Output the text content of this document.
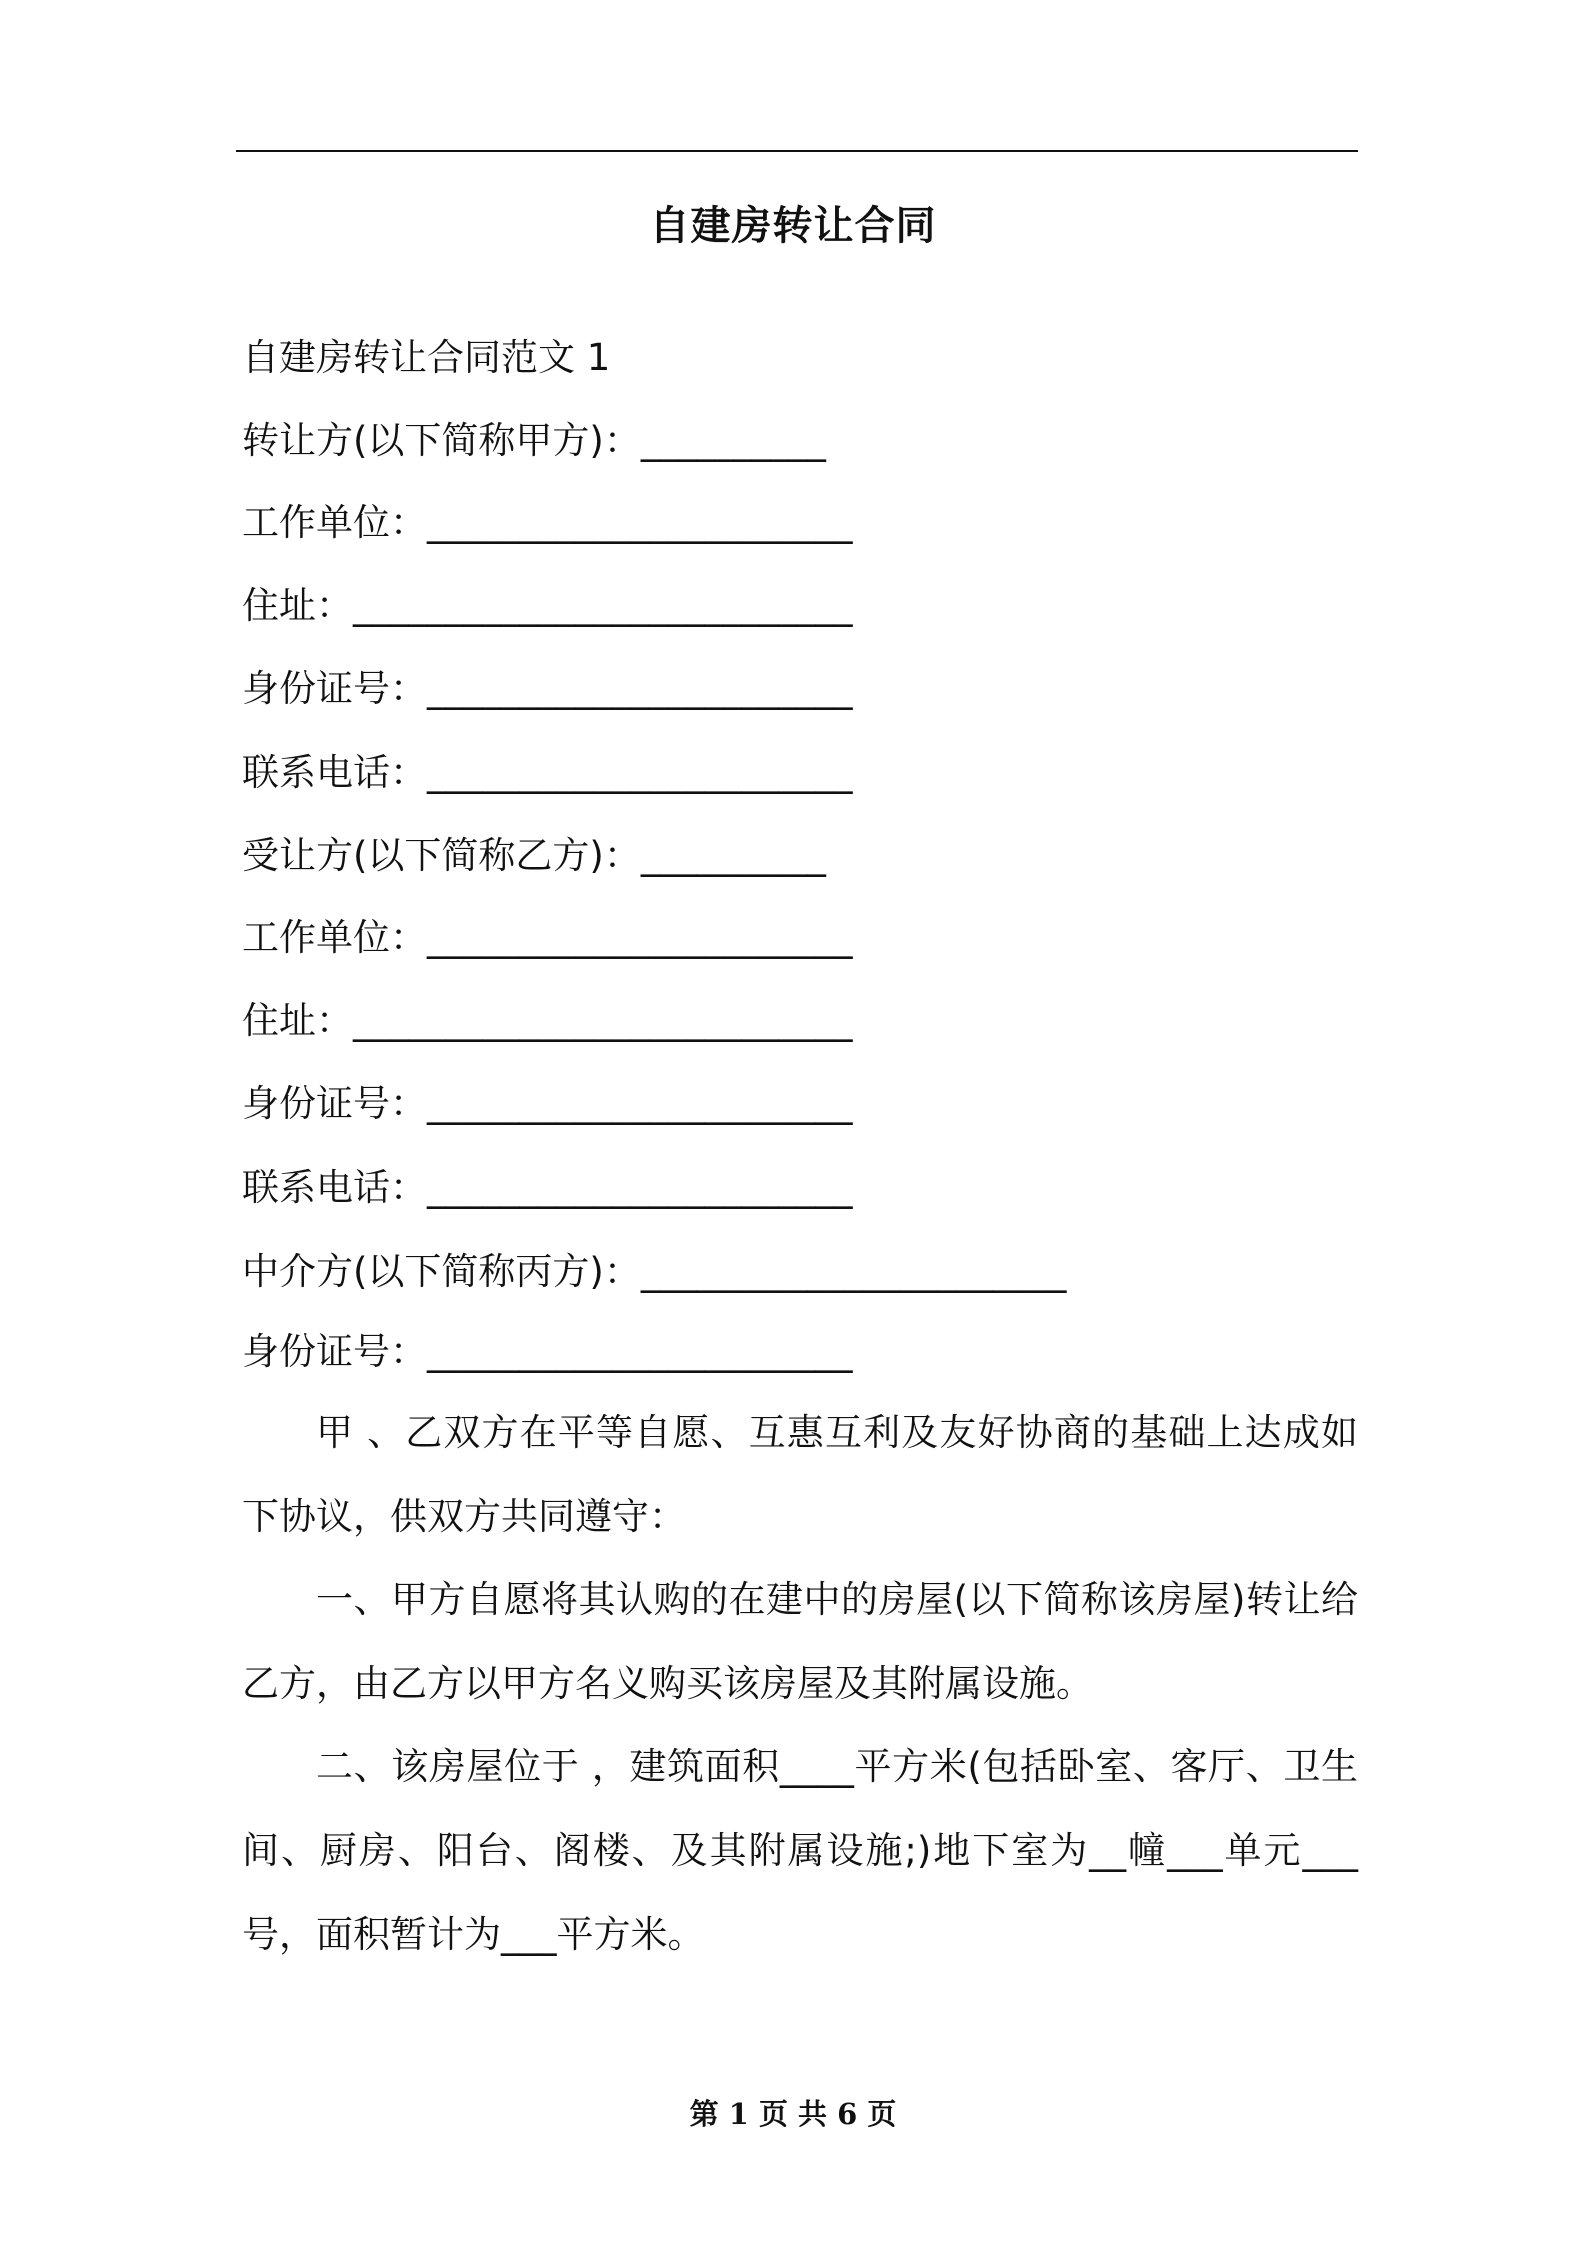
自建房转让合同
自建房转让合同范文 1
转让方(以下简称甲方)：__________
工作单位：_______________________
住址：___________________________
身份证号：_______________________
联系电话：_______________________
受让方(以下简称乙方)：__________
工作单位：_______________________
住址：___________________________
身份证号：_______________________
联系电话：_______________________
中介方(以下简称丙方)：_______________________
身份证号：_______________________
甲 、乙双方在平等自愿、互惠互利及友好协商的基础上达成如下协议，供双方共同遵守：
一、甲方自愿将其认购的在建中的房屋(以下简称该房屋)转让给乙方，由乙方以甲方名义购买该房屋及其附属设施。
二、该房屋位于 ，建筑面积____平方米(包括卧室、客厅、卫生间、厨房、阳台、阁楼、及其附属设施;)地下室为__幢___单元___号，面积暂计为___平方米。
第 1 页 共 6 页
